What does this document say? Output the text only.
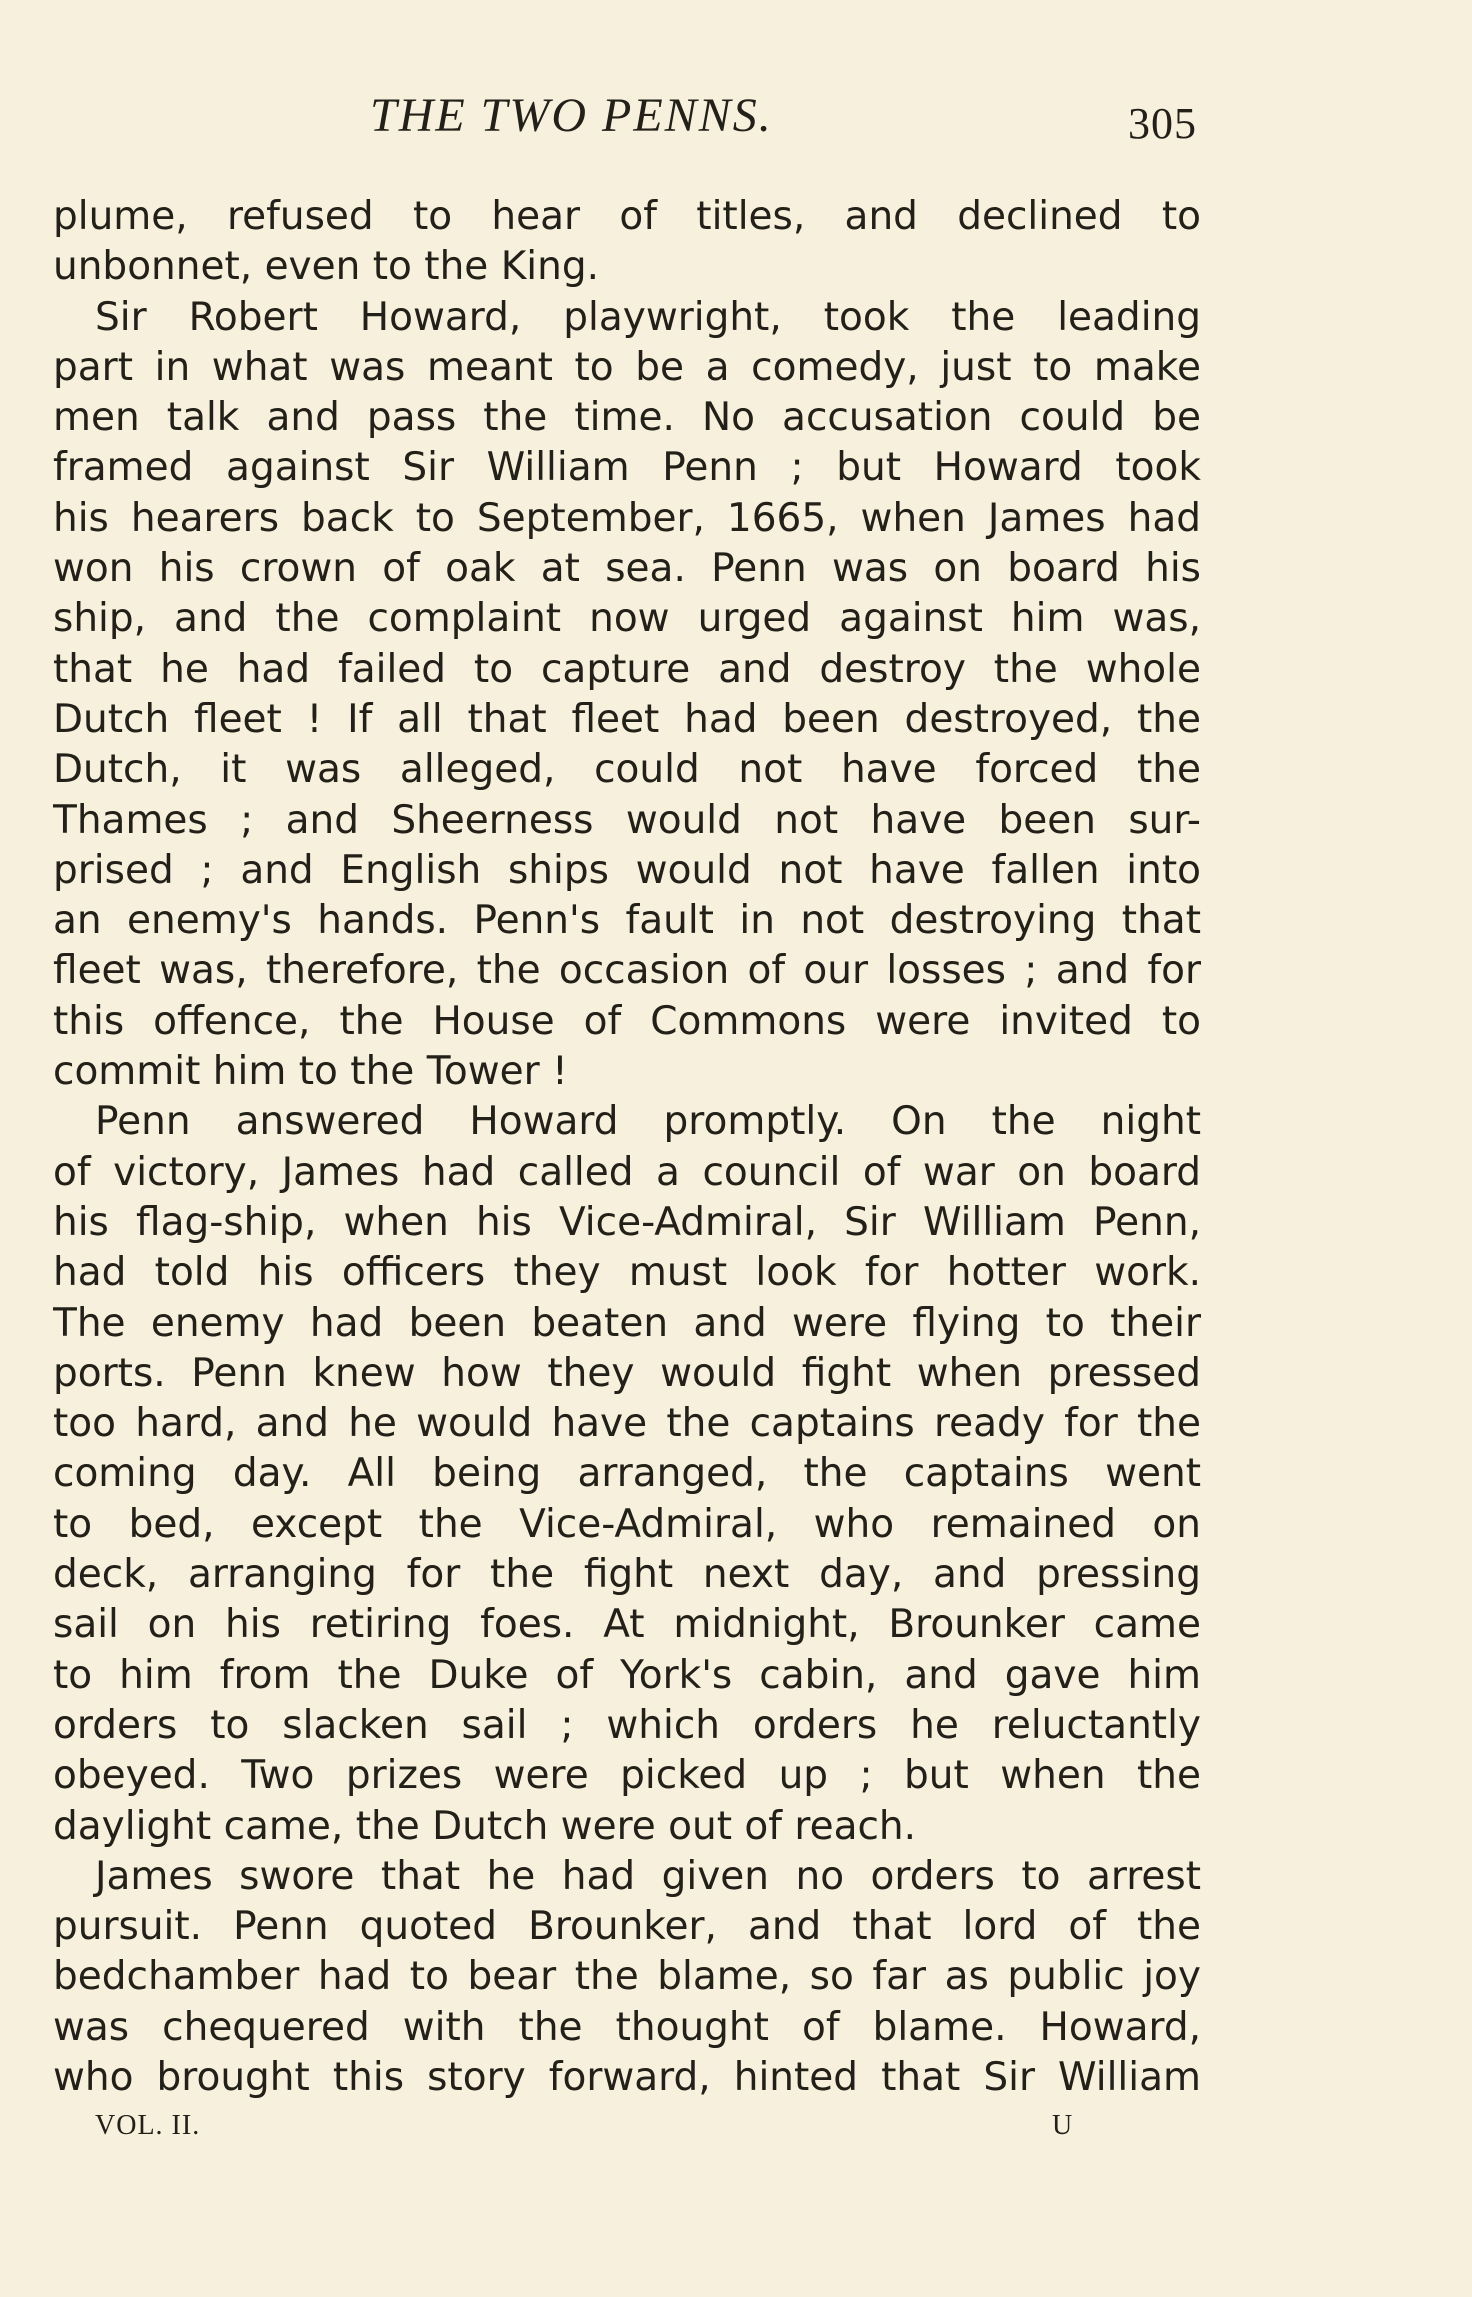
THE TWO PENNS.	305
plume, refused to hear of titles, and declined to
unbonnet, even to the King.
Sir Robert Howard, playwright, took the leading
part in what was meant to be a comedy, just to make
men talk and pass the time. No accusation could be
framed against Sir William Penn ; but Howard took
his hearers back to September, 1665, when James had
won his crown of oak at sea. Penn was on board his
ship, and the complaint now urged against him was,
that he had failed to capture and destroy the whole
Dutch fleet ! If all that fleet had been destroyed, the
Dutch, it was alleged, could not have forced the
Thames ; and Sheerness would not have been sur-
prised ; and English ships would not have fallen into
an enemy's hands. Penn's fault in not destroying that
fleet was, therefore, the occasion of our losses ; and for
this offence, the House of Commons were invited to
commit him to the Tower !
Penn answered Howard promptly. On the night
of victory, James had called a council of war on board
his flag-ship, when his Vice-Admiral, Sir William Penn,
had told his officers they must look for hotter work.
The enemy had been beaten and were flying to their
ports. Penn knew how they would fight when pressed
too hard, and he would have the captains ready for the
coming day. All being arranged, the captains went
to bed, except the Vice-Admiral, who remained on
deck, arranging for the fight next day, and pressing
sail on his retiring foes. At midnight, Brounker came
to him from the Duke of York's cabin, and gave him
orders to slacken sail ; which orders he reluctantly
obeyed. Two prizes were picked up ; but when the
daylight came, the Dutch were out of reach.
James swore that he had given no orders to arrest
pursuit. Penn quoted Brounker, and that lord of the
bedchamber had to bear the blame, so far as public joy
was chequered with the thought of blame. Howard,
who brought this story forward, hinted that Sir William
VOL. II.	U
